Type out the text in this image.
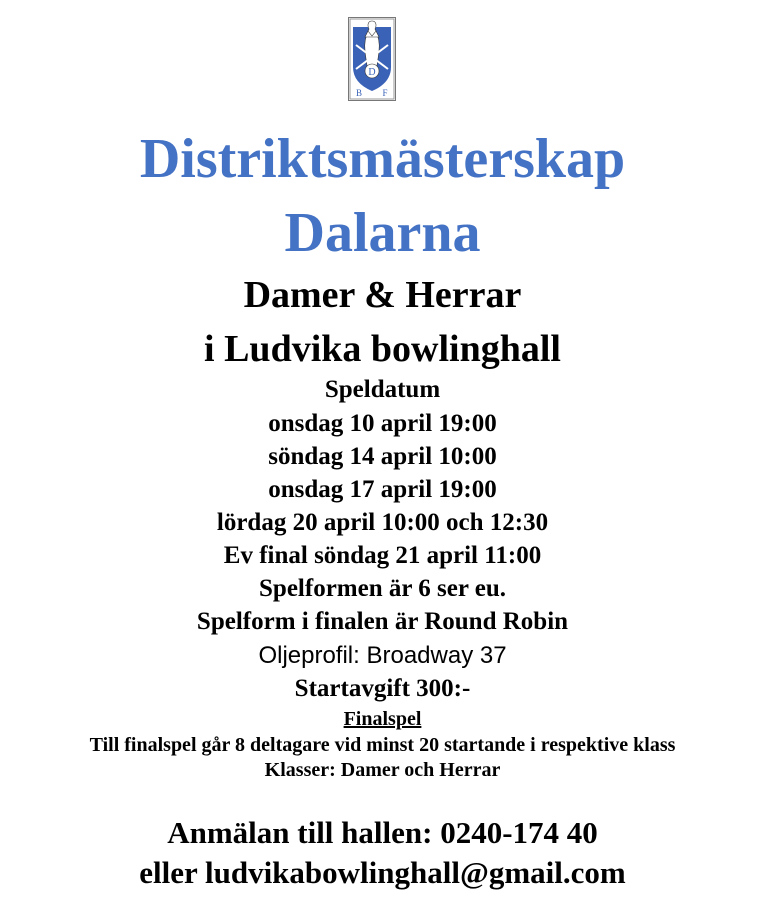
D
B F
Distriktsmästerskap
Dalarna
Damer & Herrar
i Ludvika bowlinghall
Speldatum
onsdag 10 april 19:00
söndag 14 april 10:00
onsdag 17 april 19:00
lördag 20 april 10:00 och 12:30
Ev final söndag 21 april 11:00
Spelformen är 6 ser eu.
Spelform i finalen är Round Robin
Oljeprofil: Broadway 37
Startavgift 300:-
Finalspel
Till finalspel går 8 deltagare vid minst 20 startande i respektive klass
Klasser: Damer och Herrar
Anmälan till hallen: 0240-174 40
eller ludvikabowlinghall@gmail.com
